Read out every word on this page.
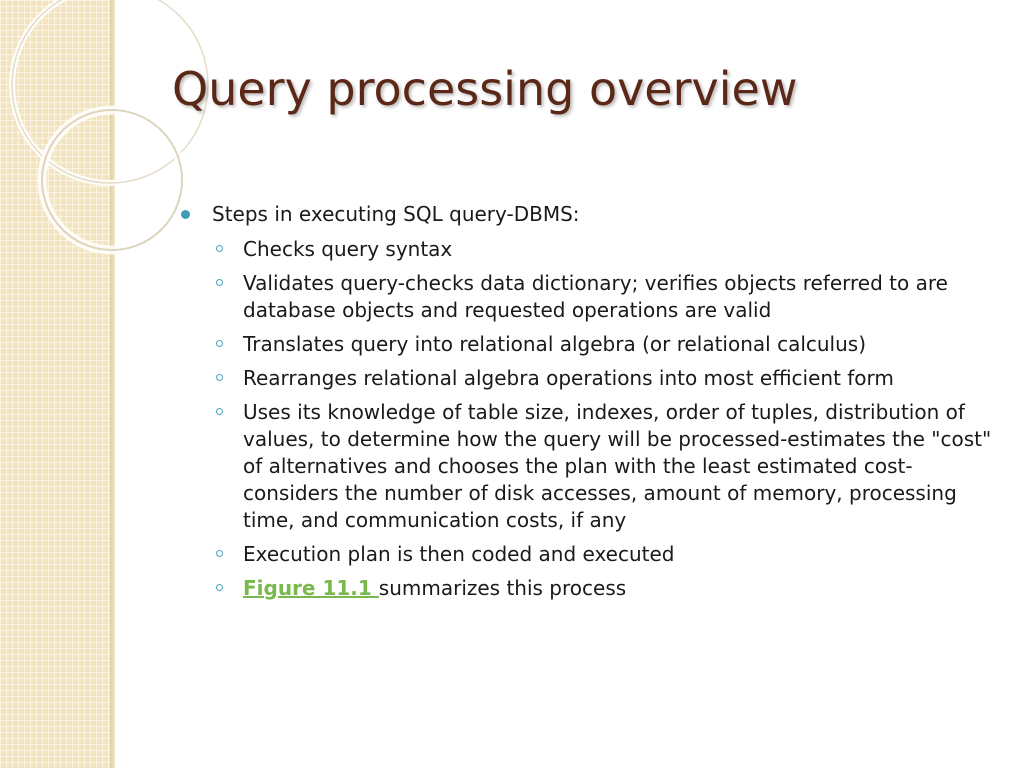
Query processing overview
Steps in executing SQL query-DBMS:
Checks query syntax
Validates query-checks data dictionary; verifies objects referred to are database objects and requested operations are valid
Translates query into relational algebra (or relational calculus)
Rearranges relational algebra operations into most efficient form
Uses its knowledge of table size, indexes, order of tuples, distribution of values, to determine how the query will be processed-estimates the "cost" of alternatives and chooses the plan with the least estimated cost-considers the number of disk accesses, amount of memory, processing time, and communication costs, if any
Execution plan is then coded and executed
Figure 11.1 summarizes this process
